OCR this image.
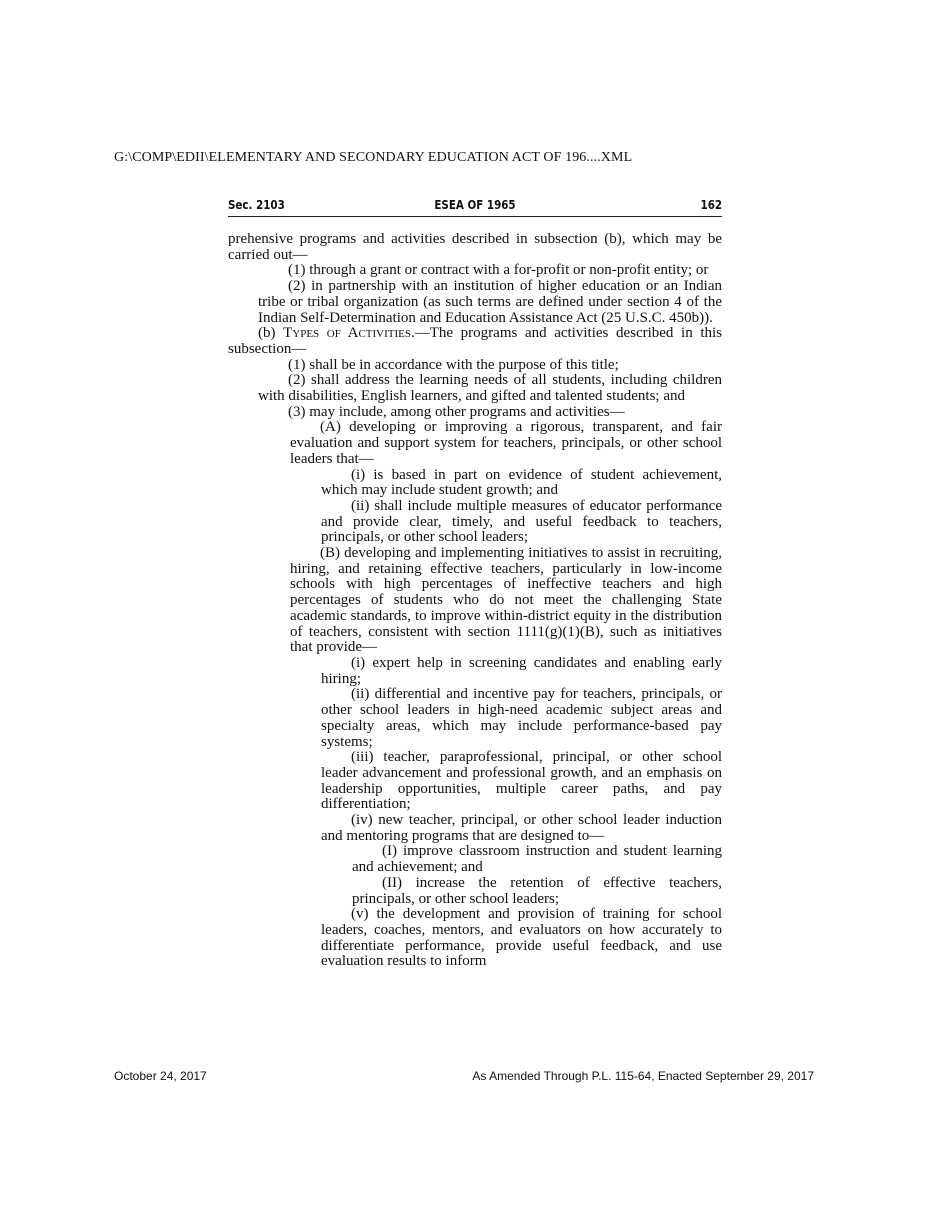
G:\COMP\EDII\ELEMENTARY AND SECONDARY EDUCATION ACT OF 196....XML
Sec. 2103	ESEA OF 1965	162

prehensive programs and activities described in subsection (b), which may be carried out—

(1) through a grant or contract with a for-profit or non-profit entity; or

(2) in partnership with an institution of higher education or an Indian tribe or tribal organization (as such terms are defined under section 4 of the Indian Self-Determination and Education Assistance Act (25 U.S.C. 450b)).

(b) Types of Activities.—The programs and activities described in this subsection—

(1) shall be in accordance with the purpose of this title;

(2) shall address the learning needs of all students, including children with disabilities, English learners, and gifted and talented students; and

(3) may include, among other programs and activities—

(A) developing or improving a rigorous, transparent, and fair evaluation and support system for teachers, principals, or other school leaders that—

(i) is based in part on evidence of student achievement, which may include student growth; and

(ii) shall include multiple measures of educator performance and provide clear, timely, and useful feedback to teachers, principals, or other school leaders;

(B) developing and implementing initiatives to assist in recruiting, hiring, and retaining effective teachers, particularly in low-income schools with high percentages of ineffective teachers and high percentages of students who do not meet the challenging State academic standards, to improve within-district equity in the distribution of teachers, consistent with section 1111(g)(1)(B), such as initiatives that provide—

(i) expert help in screening candidates and enabling early hiring;

(ii) differential and incentive pay for teachers, principals, or other school leaders in high-need academic subject areas and specialty areas, which may include performance-based pay systems;

(iii) teacher, paraprofessional, principal, or other school leader advancement and professional growth, and an emphasis on leadership opportunities, multiple career paths, and pay differentiation;

(iv) new teacher, principal, or other school leader induction and mentoring programs that are designed to—

(I) improve classroom instruction and student learning and achievement; and

(II) increase the retention of effective teachers, principals, or other school leaders;

(v) the development and provision of training for school leaders, coaches, mentors, and evaluators on how accurately to differentiate performance, provide useful feedback, and use evaluation results to inform

October 24, 2017	As Amended Through P.L. 115-64, Enacted September 29, 2017
